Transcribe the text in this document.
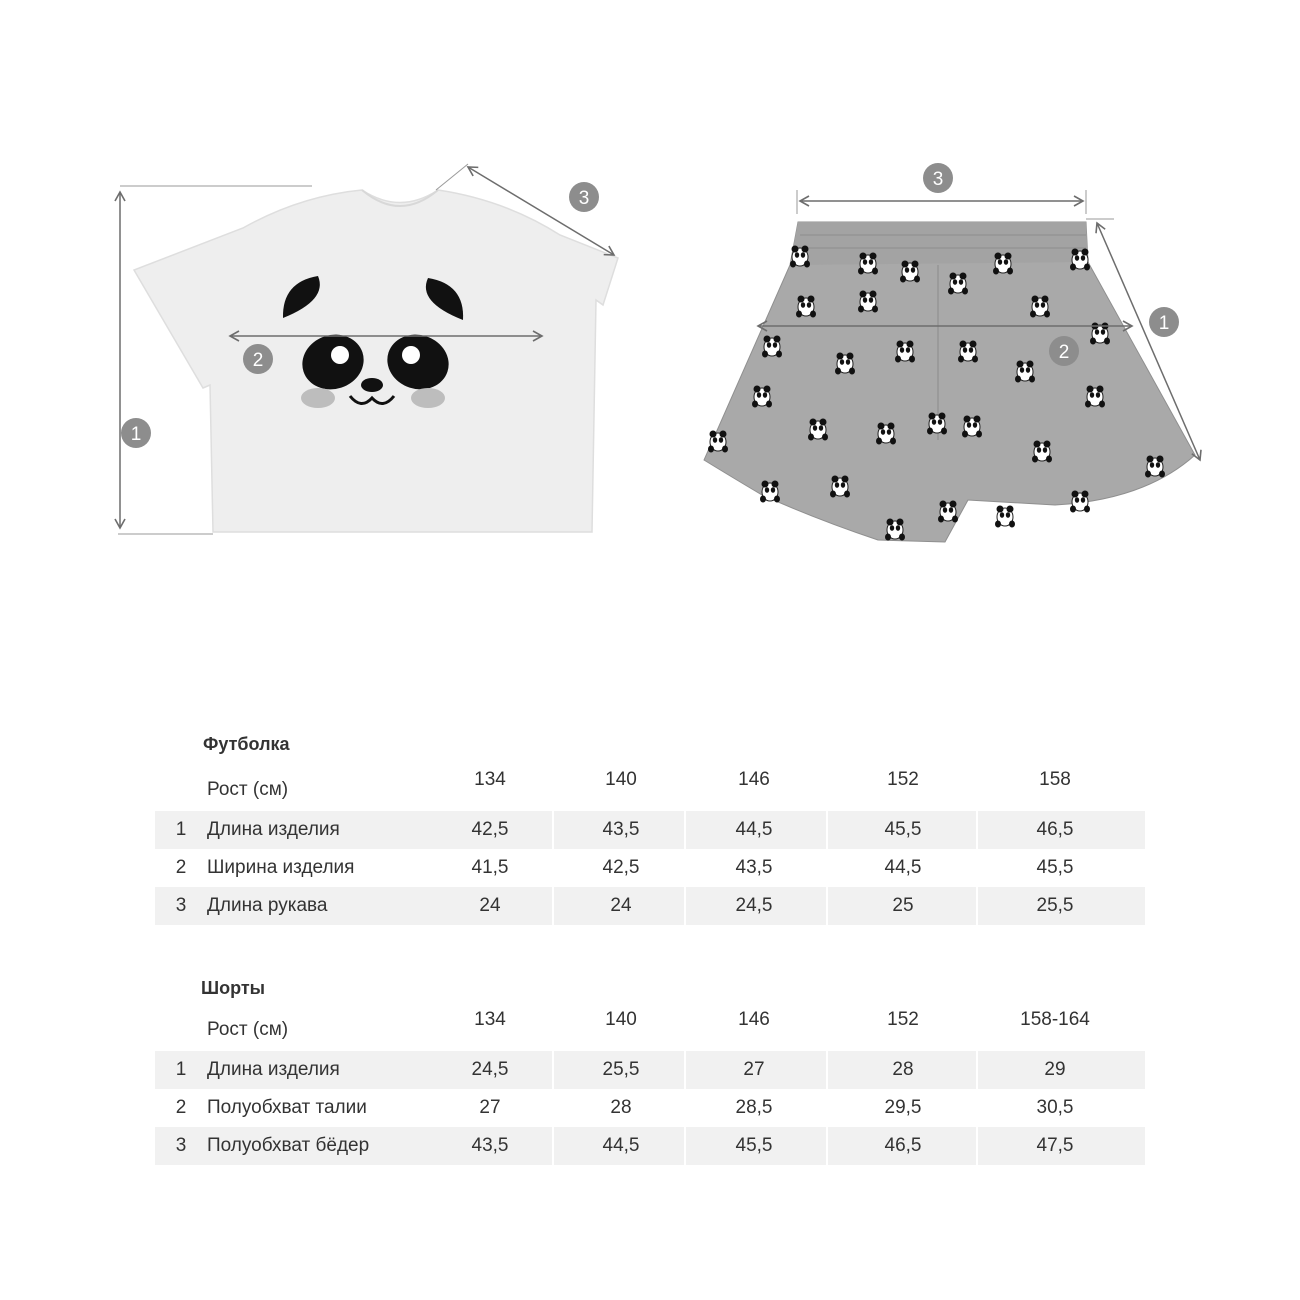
1
2
3
3
2
1
Футболка
Рост (см)	134	140	146	152	158
1	Длина изделия	42,5	43,5	44,5	45,5	46,5
2	Ширина изделия	41,5	42,5	43,5	44,5	45,5
3	Длина рукава	24	24	24,5	25	25,5
Шорты
Рост (см)	134	140	146	152	158-164
1	Длина изделия	24,5	25,5	27	28	29
2	Полуобхват талии	27	28	28,5	29,5	30,5
3	Полуобхват бёдер	43,5	44,5	45,5	46,5	47,5
